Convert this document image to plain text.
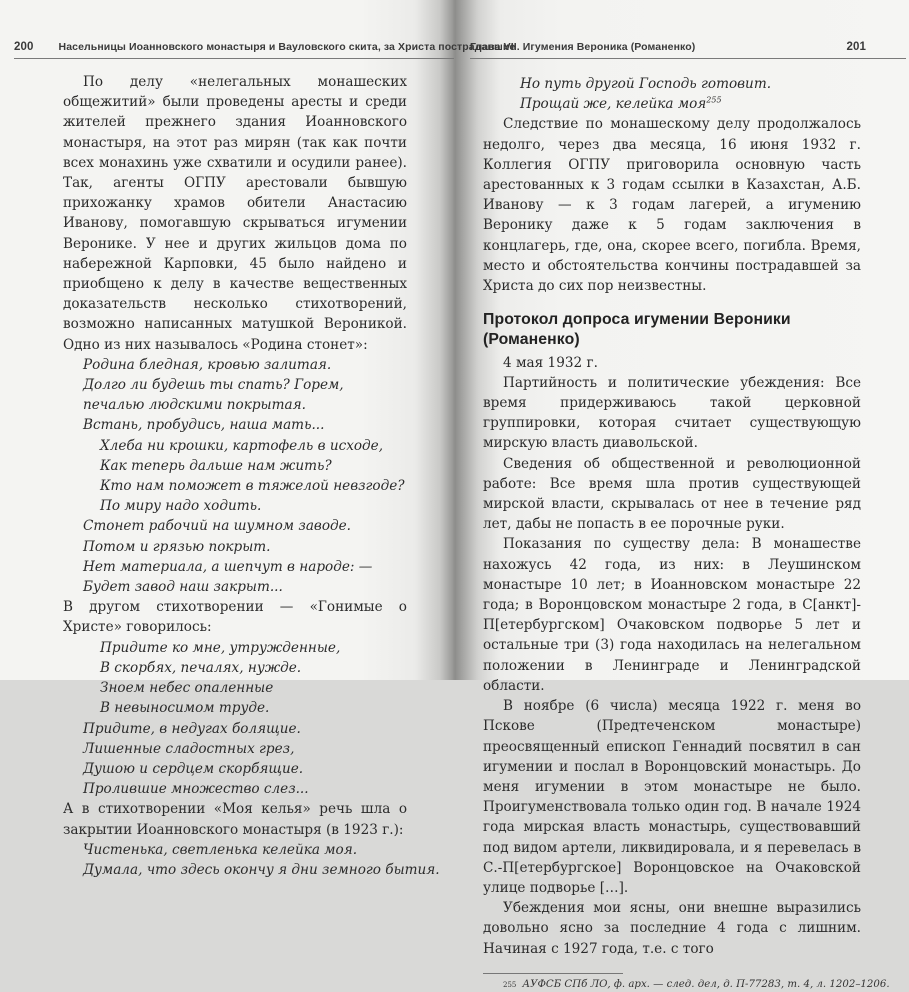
200 Насельницы Иоанновского монастыря и Вауловского скита, за Христа пострадавшие
Глава VII. Игумения Вероника (Романенко)	201

По делу «нелегальных монашеских общежитий» были проведены аресты и среди жителей прежнего здания Иоанновского монастыря, на этот раз мирян (так как почти всех монахинь уже схватили и осудили ранее). Так, агенты ОГПУ арестовали бывшую прихожанку храмов обители Анастасию Иванову, помогавшую скрываться игумении Веронике. У нее и других жильцов дома по набережной Карповки, 45 было найдено и приобщено к делу в качестве вещественных доказательств несколько стихотворений, возможно написанных матушкой Вероникой. Одно из них называлось «Родина стонет»:

Родина бледная, кровью залитая.

Долго ли будешь ты спать? Горем,

печалью людскими покрытая.

Встань, пробудись, наша мать...

Хлеба ни крошки, картофель в исходе,

Как теперь дальше нам жить?

Кто нам поможет в тяжелой невзгоде?

По миру надо ходить.

Стонет рабочий на шумном заводе.

Потом и грязью покрыт.

Нет материала, а шепчут в народе: —

Будет завод наш закрыт...

В другом стихотворении — «Гонимые о Христе» говорилось:

Придите ко мне, утружденные,

В скорбях, печалях, нужде.

Зноем небес опаленные

В невыносимом труде.

Придите, в недугах болящие.

Лишенные сладостных грез,

Душою и сердцем скорбящие.

Пролившие множество слез...

А в стихотворении «Моя келья» речь шла о закрытии Иоанновского монастыря (в 1923 г.):

Чистенька, светленька келейка моя.

Думала, что здесь окончу я дни земного бытия.

Но путь другой Господь готовит.

Прощай же, келейка моя$^{255}$

Следствие по монашескому делу продолжалось недолго, через два месяца, 16 июня 1932 г. Коллегия ОГПУ приговорила основную часть арестованных к 3 годам ссылки в Казахстан, А.Б. Иванову — к 3 годам лагерей, а игумению Веронику даже к 5 годам заключения в концлагерь, где, она, скорее всего, погибла. Время, место и обстоятельства кончины пострадавшей за Христа до сих пор неизвестны.

Протокол допроса игумении Вероники (Романенко)

4 мая 1932 г.

Партийность и политические убеждения: Все время придерживаюсь такой церковной группировки, которая считает существующую мирскую власть диавольской.

Сведения об общественной и революционной работе: Все время шла против существующей мирской власти, скрывалась от нее в течение ряд лет, дабы не попасть в ее порочные руки.

Показания по существу дела: В монашестве нахожусь 42 года, из них: в Леушинском монастыре 10 лет; в Иоанновском монастыре 22 года; в Воронцовском монастыре 2 года, в С[анкт]-П[етербургском] Очаковском подворье 5 лет и остальные три (3) года находилась на нелегальном положении в Ленинграде и Ленинградской области.

В ноябре (6 числа) месяца 1922 г. меня во Пскове (Предтеченском монастыре) преосвященный епископ Геннадий посвятил в сан игумении и послал в Воронцовский монастырь. До меня игумении в этом монастыре не было. Проигуменствовала только один год. В начале 1924 года мирская власть монастырь, существовавший под видом артели, ликвидировала, и я перевелась в С.-П[етербургское] Воронцовское на Очаковской улице подворье […].

Убеждения мои ясны, они внешне выразились довольно ясно за последние 4 года с лишним. Начиная с 1927 года, т.е. с того

$^{255}$ АУФСБ СПб ЛО, ф. арх. — след. дел, д. П-77283, т. 4, л. 1202–1206.
